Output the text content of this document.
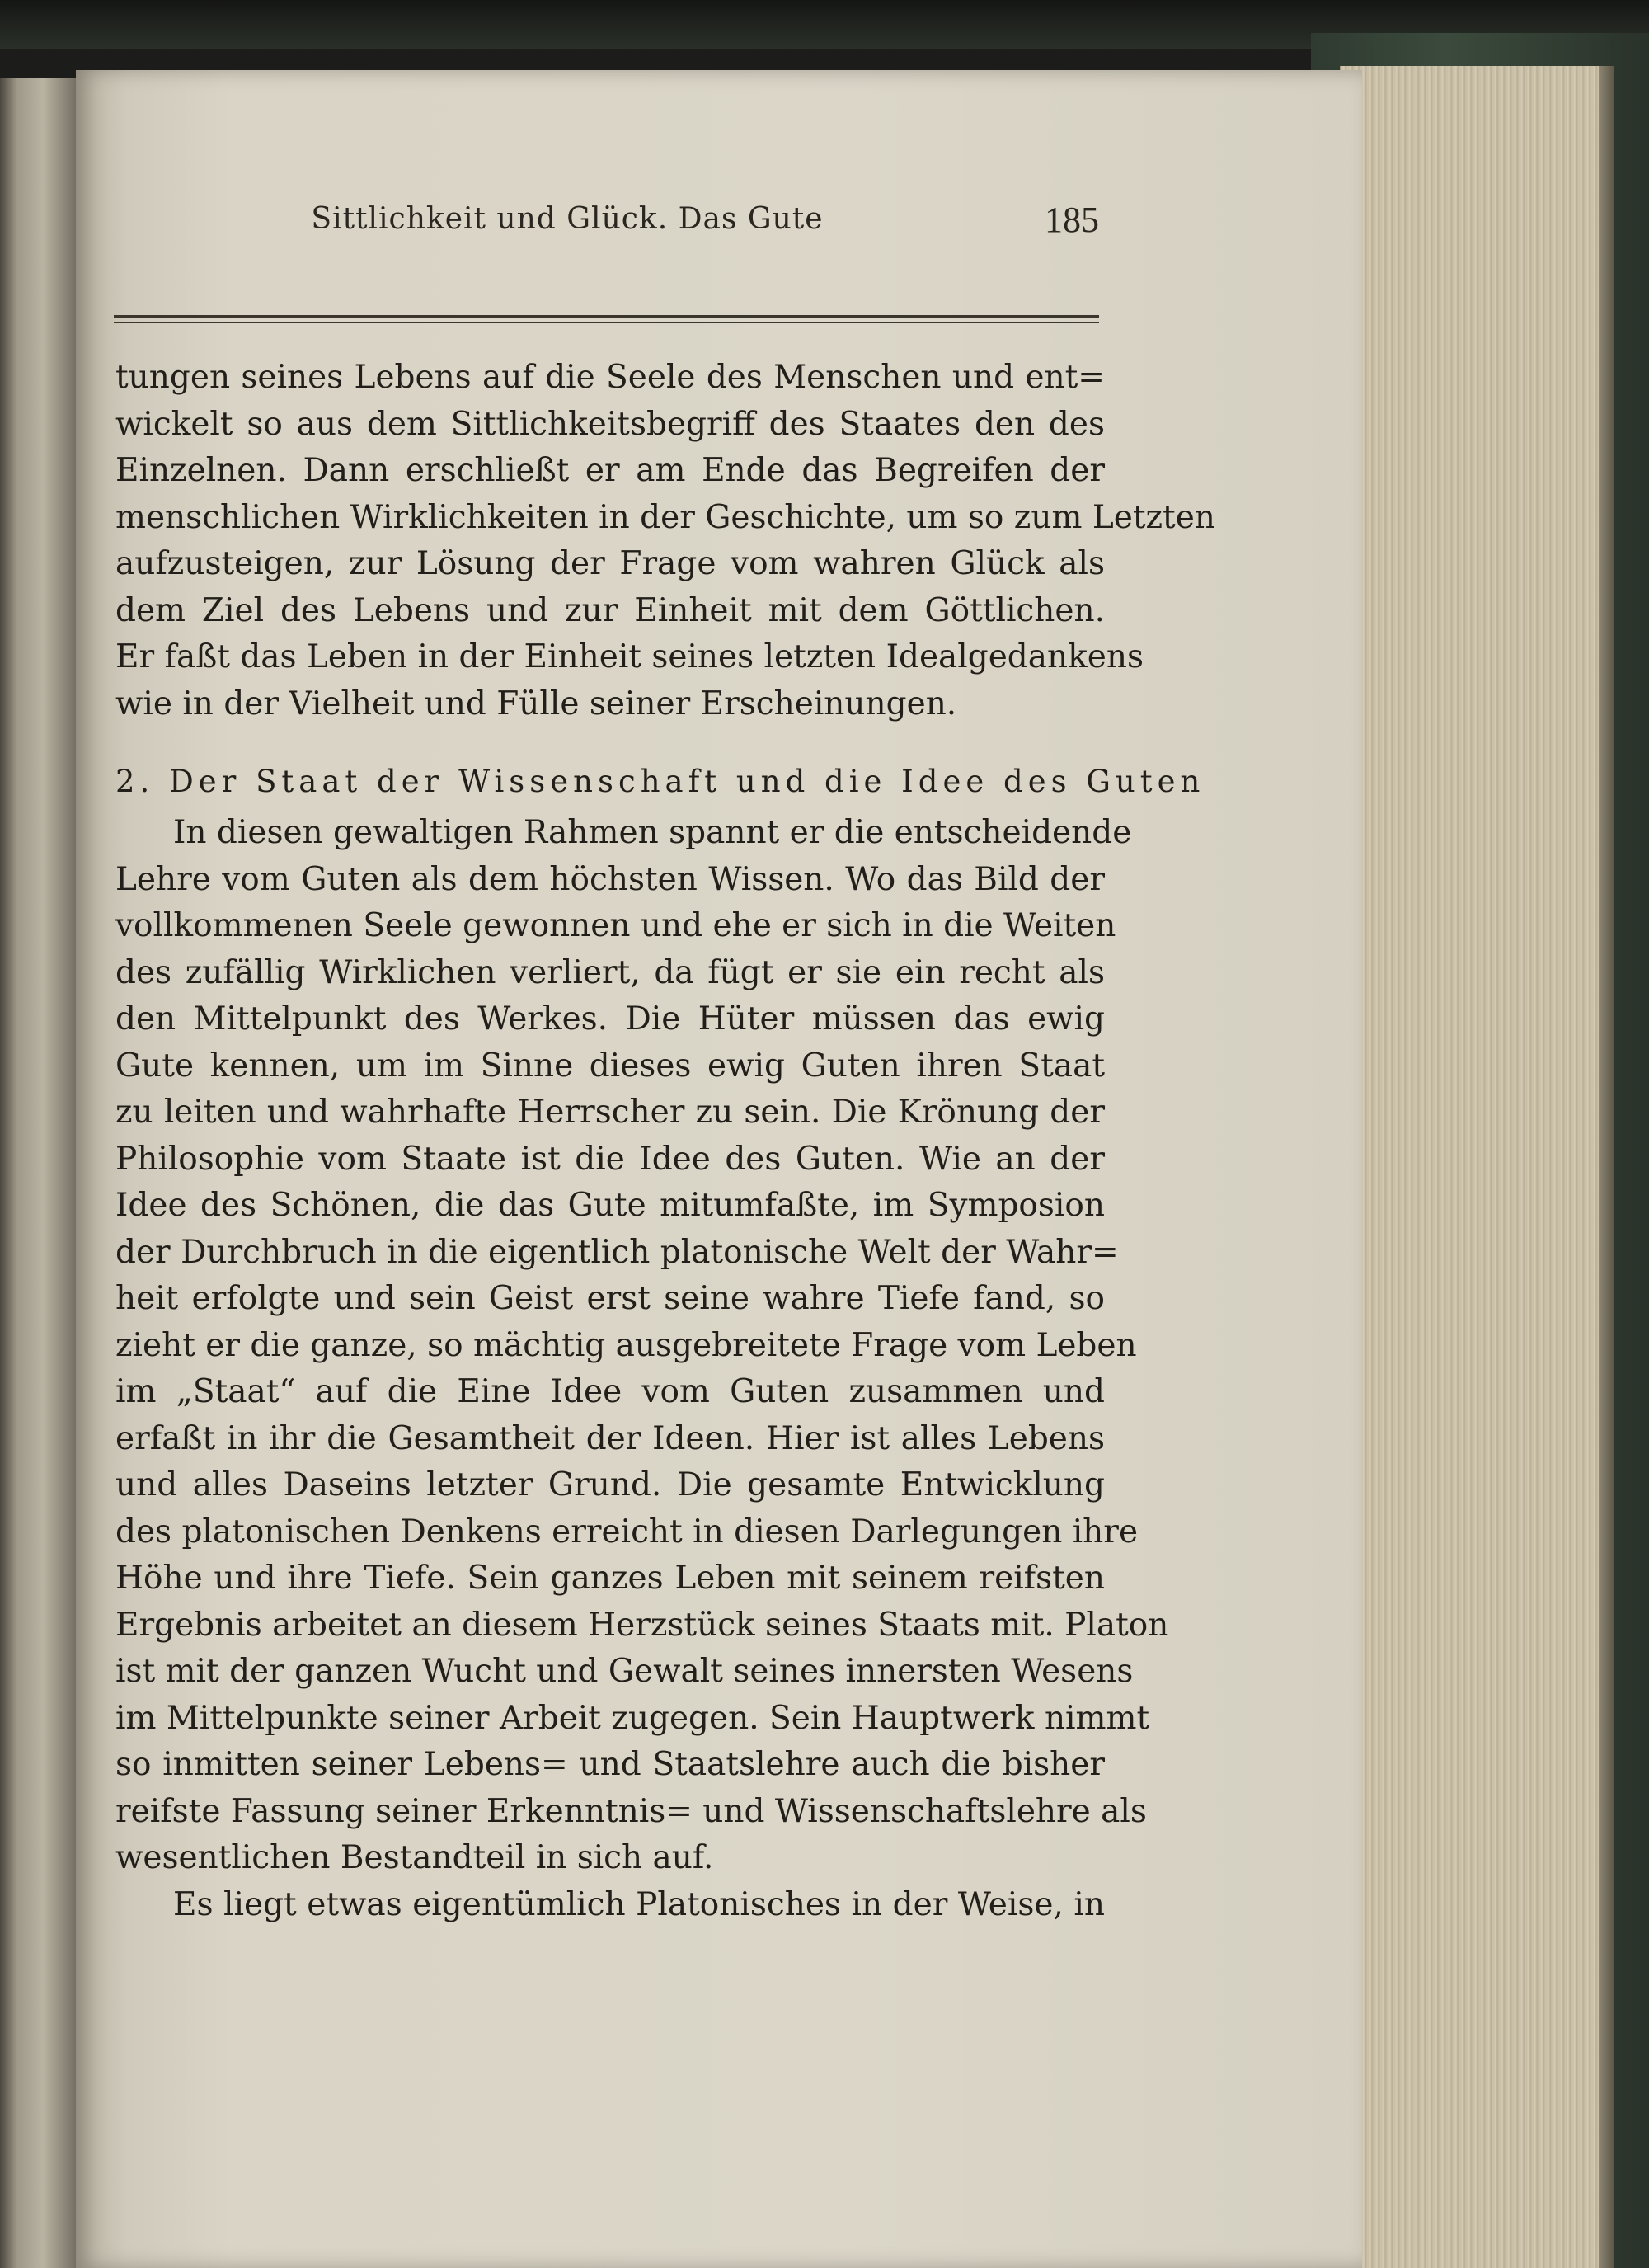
Sittlichkeit und Glück. Das Gute	185
tungen seines Lebens auf die Seele des Menschen und ent=
wickelt so aus dem Sittlichkeitsbegriff des Staates den des
Einzelnen. Dann erschließt er am Ende das Begreifen der
menschlichen Wirklichkeiten in der Geschichte, um so zum Letzten
aufzusteigen, zur Lösung der Frage vom wahren Glück als
dem Ziel des Lebens und zur Einheit mit dem Göttlichen.
Er faßt das Leben in der Einheit seines letzten Idealgedankens
wie in der Vielheit und Fülle seiner Erscheinungen.
2. Der Staat der Wissenschaft und die Idee des Guten
In diesen gewaltigen Rahmen spannt er die entscheidende
Lehre vom Guten als dem höchsten Wissen. Wo das Bild der
vollkommenen Seele gewonnen und ehe er sich in die Weiten
des zufällig Wirklichen verliert, da fügt er sie ein recht als
den Mittelpunkt des Werkes. Die Hüter müssen das ewig
Gute kennen, um im Sinne dieses ewig Guten ihren Staat
zu leiten und wahrhafte Herrscher zu sein. Die Krönung der
Philosophie vom Staate ist die Idee des Guten. Wie an der
Idee des Schönen, die das Gute mitumfaßte, im Symposion
der Durchbruch in die eigentlich platonische Welt der Wahr=
heit erfolgte und sein Geist erst seine wahre Tiefe fand, so
zieht er die ganze, so mächtig ausgebreitete Frage vom Leben
im „Staat“ auf die Eine Idee vom Guten zusammen und
erfaßt in ihr die Gesamtheit der Ideen. Hier ist alles Lebens
und alles Daseins letzter Grund. Die gesamte Entwicklung
des platonischen Denkens erreicht in diesen Darlegungen ihre
Höhe und ihre Tiefe. Sein ganzes Leben mit seinem reifsten
Ergebnis arbeitet an diesem Herzstück seines Staats mit. Platon
ist mit der ganzen Wucht und Gewalt seines innersten Wesens
im Mittelpunkte seiner Arbeit zugegen. Sein Hauptwerk nimmt
so inmitten seiner Lebens= und Staatslehre auch die bisher
reifste Fassung seiner Erkenntnis= und Wissenschaftslehre als
wesentlichen Bestandteil in sich auf.
Es liegt etwas eigentümlich Platonisches in der Weise, in
